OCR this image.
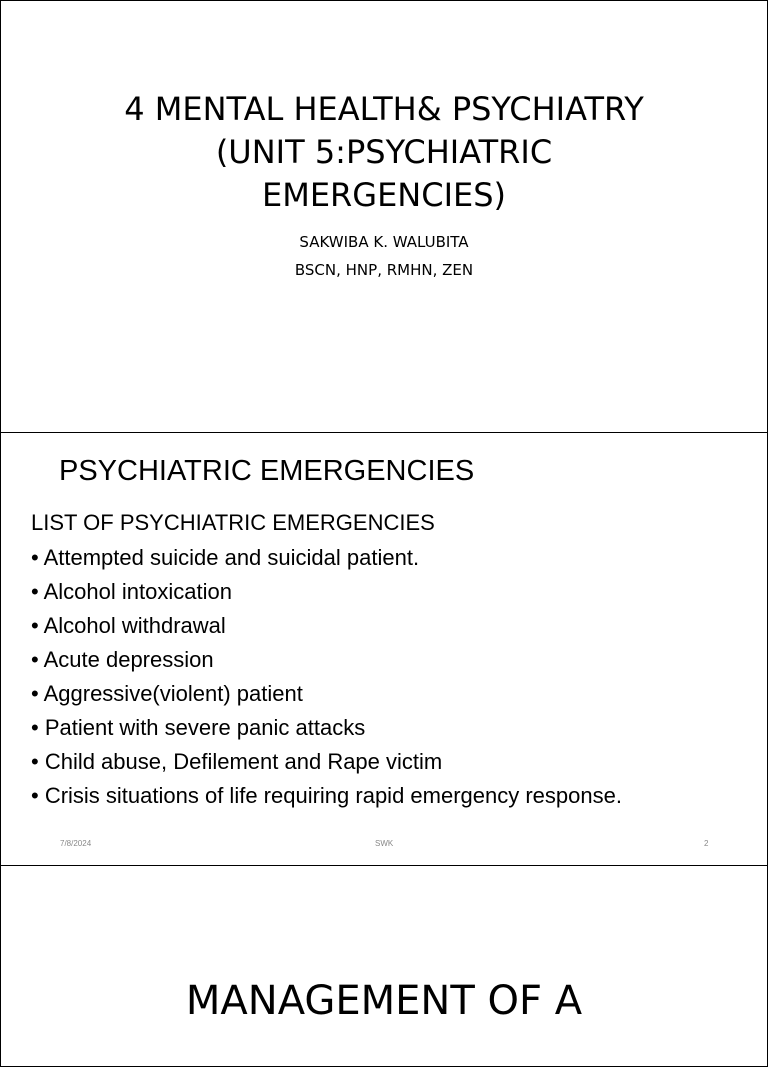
4 MENTAL HEALTH& PSYCHIATRY
(UNIT 5:PSYCHIATRIC
EMERGENCIES)
SAKWIBA K. WALUBITA
BSCN, HNP, RMHN, ZEN
PSYCHIATRIC EMERGENCIES
LIST OF PSYCHIATRIC EMERGENCIES
• Attempted suicide and suicidal patient.
• Alcohol intoxication
• Alcohol withdrawal
• Acute depression
• Aggressive(violent) patient
• Patient with severe panic attacks
• Child abuse, Defilement and Rape victim
• Crisis situations of life requiring rapid emergency response.
7/8/2024	SWK	2
MANAGEMENT OF A
